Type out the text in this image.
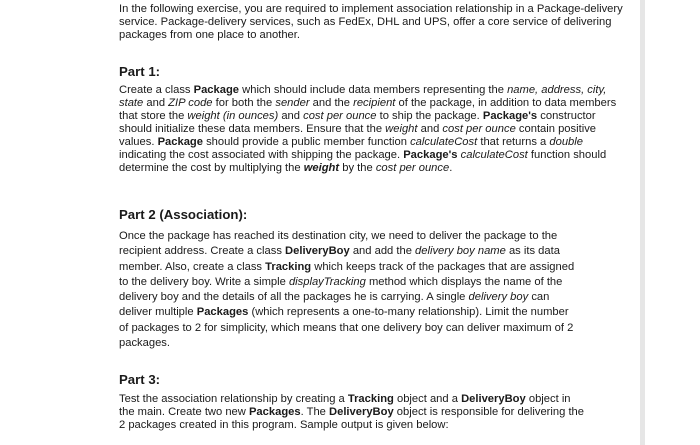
In the following exercise, you are required to implement association relationship in a Package-delivery service. Package-delivery services, such as FedEx, DHL and UPS, offer a core service of delivering packages from one place to another.

Part 1:

Create a class Package which should include data members representing the name, address, city, state and ZIP code for both the sender and the recipient of the package, in addition to data members that store the weight (in ounces) and cost per ounce to ship the package. Package's constructor should initialize these data members. Ensure that the weight and cost per ounce contain positive values. Package should provide a public member function calculateCost that returns a double indicating the cost associated with shipping the package. Package's calculateCost function should determine the cost by multiplying the weight by the cost per ounce.

Part 2 (Association):

Once the package has reached its destination city, we need to deliver the package to the recipient address. Create a class DeliveryBoy and add the delivery boy name as its data member. Also, create a class Tracking which keeps track of the packages that are assigned to the delivery boy. Write a simple displayTracking method which displays the name of the delivery boy and the details of all the packages he is carrying. A single delivery boy can deliver multiple Packages (which represents a one-to-many relationship). Limit the number of packages to 2 for simplicity, which means that one delivery boy can deliver maximum of 2 packages.

Part 3:

Test the association relationship by creating a Tracking object and a DeliveryBoy object in the main. Create two new Packages. The DeliveryBoy object is responsible for delivering the 2 packages created in this program. Sample output is given below:
